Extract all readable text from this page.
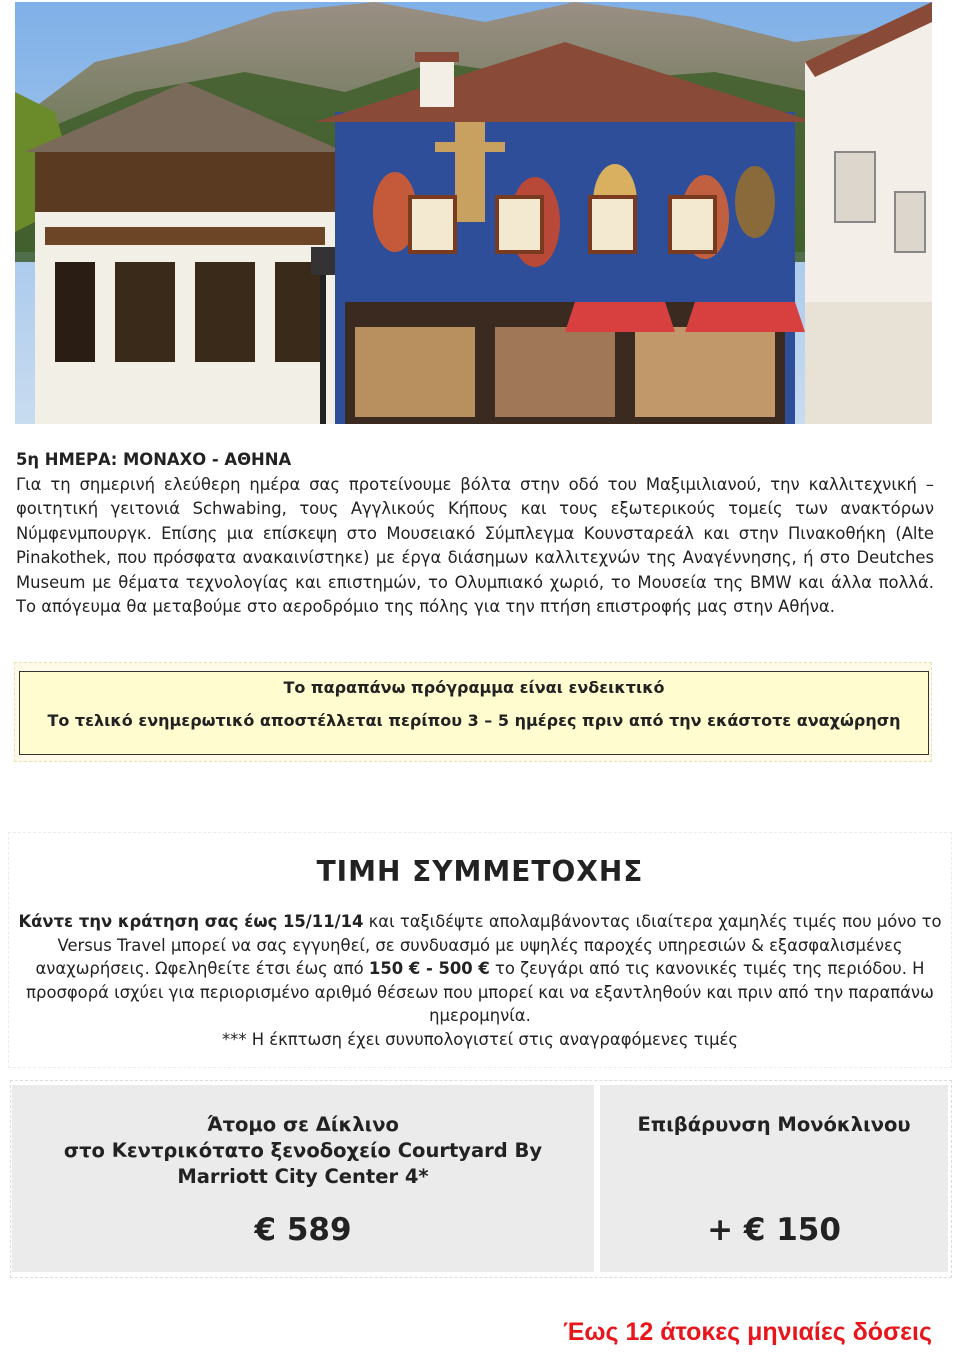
5η ΗΜΕΡΑ: ΜΟΝΑΧΟ - ΑΘΗΝΑ

Για τη σημερινή ελεύθερη ημέρα σας προτείνουμε βόλτα στην οδό του Μαξιμιλιανού, την καλλιτεχνική – φοιτητική γειτονιά Schwabing, τους Αγγλικούς Κήπους και τους εξωτερικούς τομείς των ανακτόρων Νύμφενμπουργκ. Επίσης μια επίσκεψη στο Μουσειακό Σύμπλεγμα Κουνσταρεάλ και στην Πινακοθήκη (Alte Pinakothek, που πρόσφατα ανακαινίστηκε) με έργα διάσημων καλλιτεχνών της Αναγέννησης, ή στο Deutches Museum με θέματα τεχνολογίας και επιστημών, το Ολυμπιακό χωριό, το Μουσεία της BMW και άλλα πολλά. Το απόγευμα θα μεταβούμε στο αεροδρόμιο της πόλης για την πτήση επιστροφής μας στην Αθήνα.

Το παραπάνω πρόγραμμα είναι ενδεικτικό
Το τελικό ενημερωτικό αποστέλλεται περίπου 3 – 5 ημέρες πριν από την εκάστοτε αναχώρηση
ΤΙΜΗ ΣΥΜΜΕΤΟΧΗΣ

Κάντε την κράτηση σας έως 15/11/14 και ταξιδέψτε απολαμβάνοντας ιδιαίτερα χαμηλές τιμές που μόνο το Versus Travel μπορεί να σας εγγυηθεί, σε συνδυασμό με υψηλές παροχές υπηρεσιών & εξασφαλισμένες αναχωρήσεις. Ωφεληθείτε έτσι έως από 150 € - 500 € το ζευγάρι από τις κανονικές τιμές της περιόδου. Η προσφορά ισχύει για περιορισμένο αριθμό θέσεων που μπορεί και να εξαντληθούν και πριν από την παραπάνω ημερομηνία.
*** Η έκπτωση έχει συνυπολογιστεί στις αναγραφόμενες τιμές

Άτομο σε Δίκλινο
στο Κεντρικότατο ξενοδοχείο Courtyard By Marriott City Center 4*
€ 589
Επιβάρυνση Μονόκλινου
+ € 150
Έως 12 άτοκες μηνιαίες δόσεις
